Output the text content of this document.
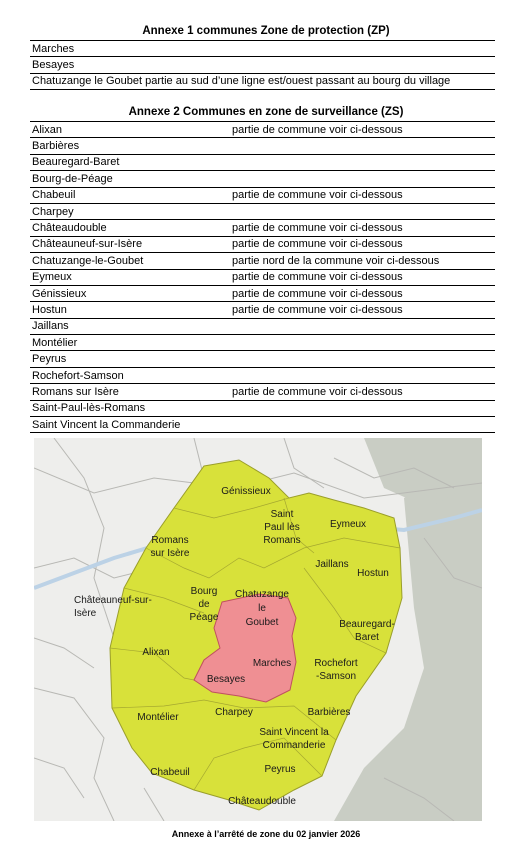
Annexe 1 communes Zone de protection (ZP)
Marches
Besayes
Chatuzange le Goubet partie au sud d’une ligne est/ouest passant au bourg du village
Annexe 2 Communes en zone de surveillance (ZS)
Alixan	partie de commune voir ci-dessous
Barbières	
Beauregard-Baret	
Bourg-de-Péage	
Chabeuil	partie de commune voir ci-dessous
Charpey	
Châteaudouble	partie de commune voir ci-dessous
Châteauneuf-sur-Isère	partie de commune voir ci-dessous
Chatuzange-le-Goubet	partie nord de la commune voir ci-dessous
Eymeux	partie de commune voir ci-dessous
Génissieux	partie de commune voir ci-dessous
Hostun	partie de commune voir ci-dessous
Jaillans	
Montélier	
Peyrus	
Rochefort-Samson	
Romans sur Isère	partie de commune voir ci-dessous
Saint-Paul-lès-Romans	
Saint Vincent la Commanderie	
Génissieux
Saint Paul lès Romans
Eymeux
Romans sur Isère
Jaillans
Hostun
Châteauneuf-sur-Isère
Bourg de Péage
Chatuzange le Goubet	Beauregard-Baret
Alixan
Marches Rochefort -Samson
Besayes
Montélier	Charpey	Barbières
Saint Vincent la Commanderie
Peyrus
Chabeuil
Châteaudouble
Annexe à l’arrêté de zone du 02 janvier 2026
